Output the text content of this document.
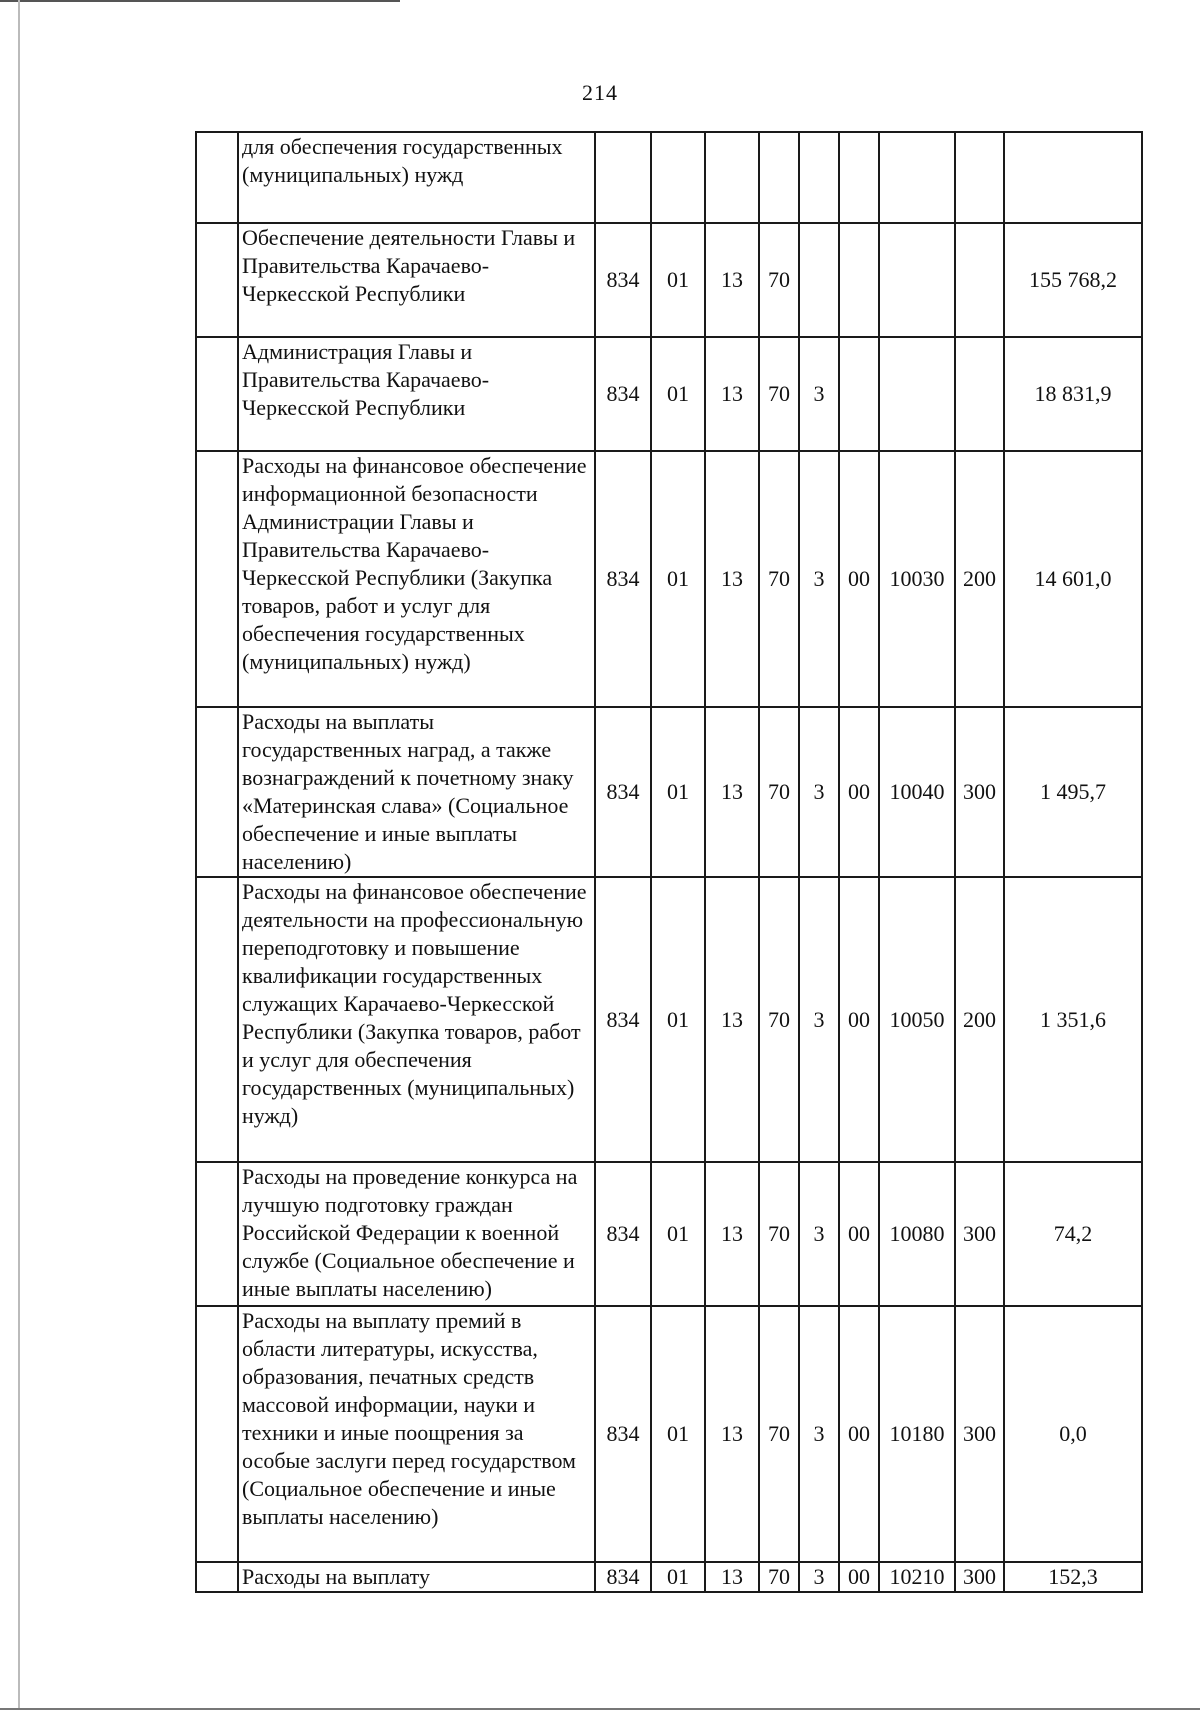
214
	для обеспечения государственных (муниципальных) нужд									
	Обеспечение деятельности Главы и Правительства Карачаево-Черкесской Республики	834	01	13	70					155 768,2
	Администрация Главы и Правительства Карачаево-Черкесской Республики	834	01	13	70	3				18 831,9
	Расходы на финансовое обеспечение информационной безопасности Администрации Главы и Правительства Карачаево-Черкесской Республики (Закупка товаров, работ и услуг для обеспечения государственных (муниципальных) нужд)	834	01	13	70	3	00	10030	200	14 601,0
	Расходы на выплаты государственных наград, а также вознаграждений к почетному знаку «Материнская слава» (Социальное обеспечение и иные выплаты населению)	834	01	13	70	3	00	10040	300	1 495,7
	Расходы на финансовое обеспечение деятельности на профессиональную переподготовку и повышение квалификации государственных служащих Карачаево-Черкесской Республики (Закупка товаров, работ и услуг для обеспечения государственных (муниципальных) нужд)	834	01	13	70	3	00	10050	200	1 351,6
	Расходы на проведение конкурса на лучшую подготовку граждан Российской Федерации к военной службе (Социальное обеспечение и иные выплаты населению)	834	01	13	70	3	00	10080	300	74,2
	Расходы на выплату премий в области литературы, искусства, образования, печатных средств массовой информации, науки и техники и иные поощрения за особые заслуги перед государством (Социальное обеспечение и иные выплаты населению)	834	01	13	70	3	00	10180	300	0,0
	Расходы на выплату	834	01	13	70	3	00	10210	300	152,3
